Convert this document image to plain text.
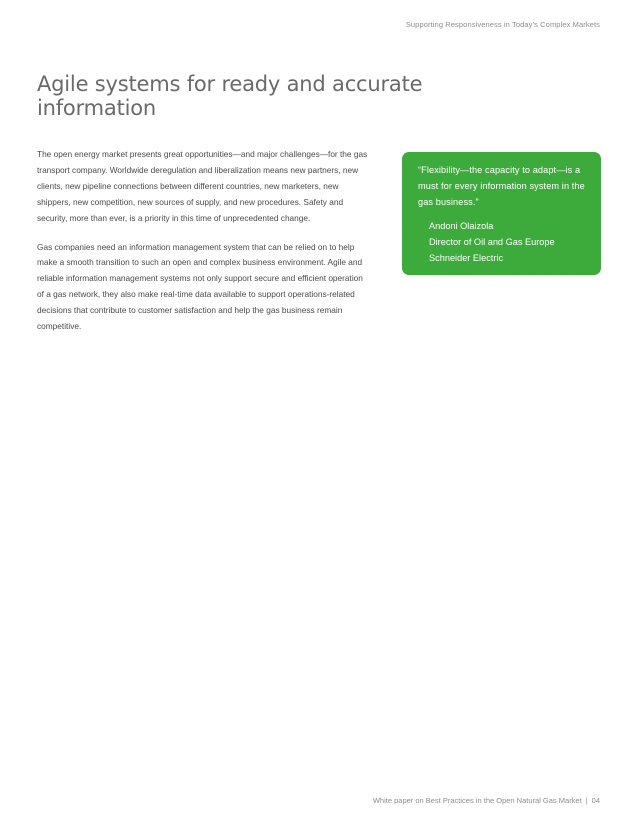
Supporting Responsiveness in Today’s Complex Markets
Agile systems for ready and accurate information

The open energy market presents great opportunities—and major challenges—for the gas transport company. Worldwide deregulation and liberalization means new partners, new clients, new pipeline connections between different countries, new marketers, new shippers, new competition, new sources of supply, and new procedures. Safety and security, more than ever, is a priority in this time of unprecedented change.

Gas companies need an information management system that can be relied on to help make a smooth transition to such an open and complex business environment. Agile and reliable information management systems not only support secure and efficient operation of a gas network, they also make real-time data available to support operations-related decisions that contribute to customer satisfaction and help the gas business remain competitive.

“Flexibility—the capacity to adapt—is a must for every information system in the gas business.”

Andoni Olaizola
Director of Oil and Gas Europe
Schneider Electric
White paper on Best Practices in the Open Natural Gas Market | 04
